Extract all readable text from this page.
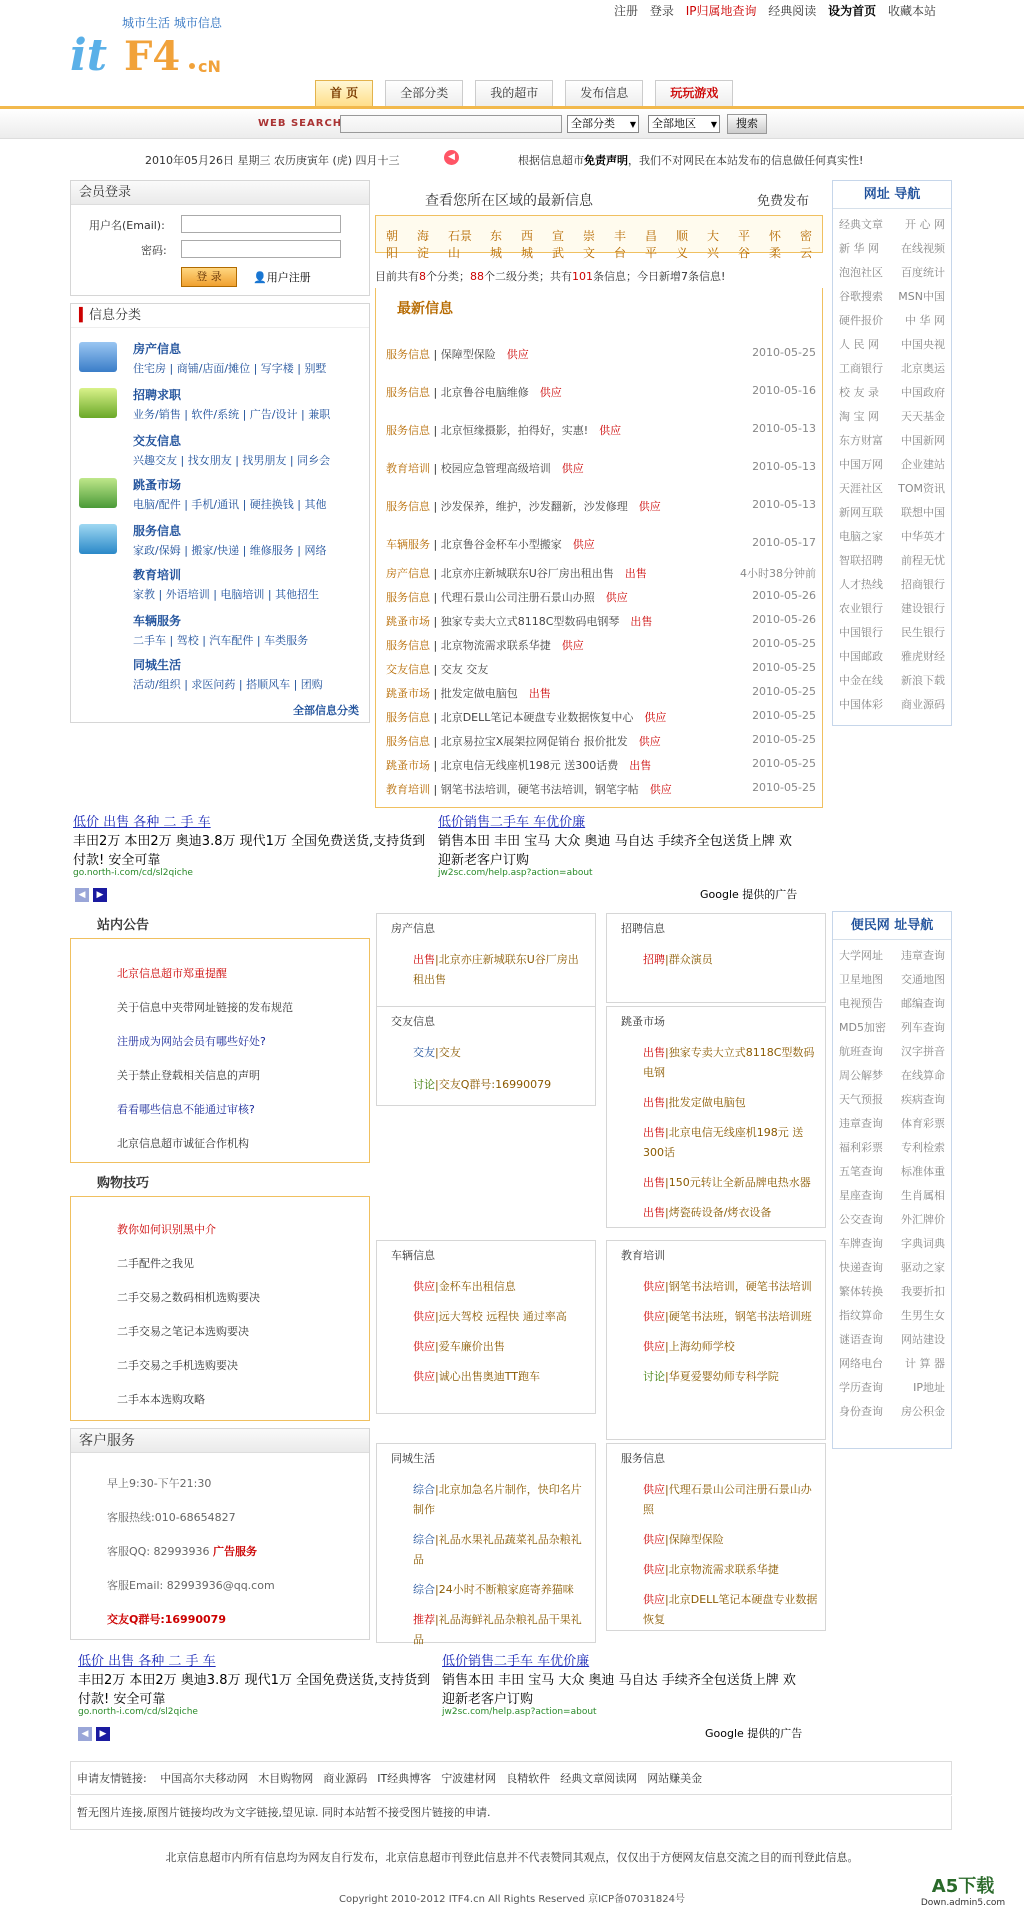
注册 登录 IP归属地查询 经典阅读 设为首页 收藏本站
城市生活 城市信息
it F4 cN
首 页	全部分类	我的超市	发布信息	玩玩游戏
WEB SEARCH	全部分类 ▼	全部地区 ▼	搜索
2010年05月26日 星期三 农历庚寅年 (虎) 四月十三	◀	根据信息超市免责声明，我们不对网民在本站发布的信息做任何真实性!
会员登录
用户名(Email):
密码:
登 录	👤用户注册
▍信息分类
房产信息
住宅房 | 商铺/店面/摊位 | 写字楼 | 别墅
招聘求职
业务/销售 | 软件/系统 | 广告/设计 | 兼职
交友信息
兴趣交友 | 找女朋友 | 找男朋友 | 同乡会
跳蚤市场
电脑/配件 | 手机/通讯 | 硬挂换钱 | 其他
服务信息
家政/保姆 | 搬家/快递 | 维修服务 | 网络
教育培训
家教 | 外语培训 | 电脑培训 | 其他招生
车辆服务
二手车 | 驾校 | 汽车配件 | 车类服务
同城生活
活动/组织 | 求医问药 | 搭顺风车 | 团购
全部信息分类
查看您所在区域的最新信息	免费发布
朝阳
海淀
石景山
东城
西城
宣武
崇文
丰台
昌平
顺义
大兴
平谷
怀柔
密云
目前共有8个分类；88个二级分类；共有101条信息；今日新增7条信息!
最新信息
服务信息 | 保障型保险　 供应	2010-05-25
服务信息 | 北京鲁谷电脑维修　 供应	2010-05-16
服务信息 | 北京恒缘摄影，拍得好，实惠!　 供应	2010-05-13
教育培训 | 校园应急管理高级培训　 供应	2010-05-13
服务信息 | 沙发保养，维护，沙发翻新，沙发修理　 供应	2010-05-13
车辆服务 | 北京鲁谷金杯车小型搬家　 供应	2010-05-17
房产信息 | 北京亦庄新城联东U谷厂房出租出售　 出售	4小时38分钟前
服务信息 | 代理石景山公司注册石景山办照　 供应	2010-05-26
跳蚤市场 | 独家专卖大立式8118C型数码电钢琴　 出售	2010-05-26
服务信息 | 北京物流需求联系华捷　 供应	2010-05-25
交友信息 | 交友 交友　	2010-05-25
跳蚤市场 | 批发定做电脑包　 出售	2010-05-25
服务信息 | 北京DELL笔记本硬盘专业数据恢复中心　 供应	2010-05-25
服务信息 | 北京易拉宝X展架拉网促销台 报价批发　 供应	2010-05-25
跳蚤市场 | 北京电信无线座机198元 送300话费　 出售	2010-05-25
教育培训 | 钢笔书法培训，硬笔书法培训，钢笔字帖　 供应	2010-05-25
网址 导航
经典文章 开 心 网
新 华 网 在线视频
泡泡社区 百度统计
谷歌搜索 MSN中国
硬件报价 中 华 网
人 民 网 中国央视
工商银行 北京奥运
校 友 录 中国政府
淘 宝 网 天天基金
东方财富 中国新网
中国万网 企业建站
天涯社区 TOM资讯
新网互联 联想中国
电脑之家 中华英才
智联招聘 前程无忧
人才热线 招商银行
农业银行 建设银行
中国银行 民生银行
中国邮政 雅虎财经
中金在线 新浪下载
中国体彩 商业源码
低价 出售 各种 二 手 车
丰田2万 本田2万 奥迪3.8万 现代1万 全国免费送货,支持货到付款! 安全可靠
go.north-i.com/cd/sl2qiche
低价销售二手车 车优价廉
销售本田 丰田 宝马 大众 奥迪 马自达 手续齐全包送货上牌 欢迎新老客户订购
jw2sc.com/help.asp?action=about
◀	▶	Google 提供的广告
站内公告
北京信息超市郑重提醒
关于信息中夹带网址链接的发布规范
注册成为网站会员有哪些好处?
关于禁止登载相关信息的声明
看看哪些信息不能通过审核?
北京信息超市诚征合作机构
购物技巧
教你如何识别黑中介
二手配件之我见
二手交易之数码相机选购要决
二手交易之笔记本选购要决
二手交易之手机选购要决
二手本本选购攻略
客户服务
早上9:30-下午21:30
客服热线:010-68654827
客服QQ: 82993936 广告服务
客服Email: 82993936@qq.com
交友Q群号:16990079
房产信息
出售|北京亦庄新城联东U谷厂房出租出售
招聘信息
招聘|群众演员
交友信息
交友|交友
讨论|交友Q群号:16990079
跳蚤市场
出售|独家专卖大立式8118C型数码电钢
出售|批发定做电脑包
出售|北京电信无线座机198元 送300话
出售|150元转让全新品牌电热水器
出售|烤瓷砖设备/烤衣设备
车辆信息
供应|金杯车出租信息
供应|远大驾校 远程快 通过率高
供应|爱车廉价出售
供应|诚心出售奥迪TT跑车
教育培训
供应|钢笔书法培训，硬笔书法培训
供应|硬笔书法班，钢笔书法培训班
供应|上海幼师学校
讨论|华夏爱婴幼师专科学院
同城生活
综合|北京加急名片制作，快印名片制作
综合|礼品水果礼品蔬菜礼品杂粮礼品
综合|24小时不断粮家庭寄养猫咪
推荐|礼品海鲜礼品杂粮礼品干果礼品
服务信息
供应|代理石景山公司注册石景山办照
供应|保障型保险
供应|北京物流需求联系华捷
供应|北京DELL笔记本硬盘专业数据恢复
便民网 址导航
大学网址 违章查询
卫星地图 交通地图
电视预告 邮编查询
MD5加密 列车查询
航班查询 汉字拼音
周公解梦 在线算命
天气预报 疾病查询
违章查询 体育彩票
福利彩票 专利检索
五笔查询 标准体重
星座查询 生肖属相
公交查询 外汇牌价
车牌查询 字典词典
快递查询 驱动之家
繁体转换 我要折扣
指纹算命 生男生女
谜语查询 网站建设
网络电台 计 算 器
学历查询	IP地址
身份查询 房公积金
低价 出售 各种 二 手 车
丰田2万 本田2万 奥迪3.8万 现代1万 全国免费送货,支持货到付款! 安全可靠
go.north-i.com/cd/sl2qiche
低价销售二手车 车优价廉
销售本田 丰田 宝马 大众 奥迪 马自达 手续齐全包送货上牌 欢迎新老客户订购
jw2sc.com/help.asp?action=about
◀	▶	Google 提供的广告
申请友情链接: 中国高尔夫移动网 木目购物网 商业源码 IT经典博客 宁波建材网 良精软件 经典文章阅读网 网站赚美金
暂无图片连接,原图片链接均改为文字链接,望见谅. 同时本站暂不接受图片链接的申请.
北京信息超市内所有信息均为网友自行发布，北京信息超市刊登此信息并不代表赞同其观点，仅仅出于方便网友信息交流之目的而刊登此信息。
Copyright 2010-2012 ITF4.cn All Rights Reserved 京ICP备07031824号
A5下载
Down.admin5.com
